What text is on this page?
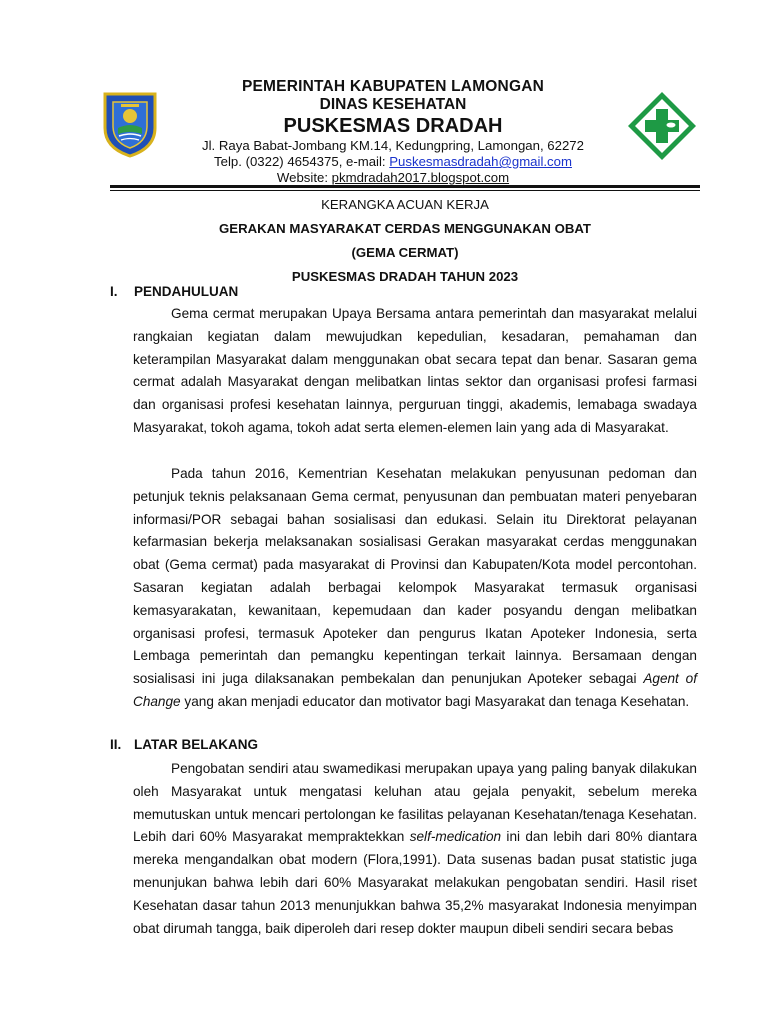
PEMERINTAH KABUPATEN LAMONGAN
DINAS KESEHATAN
PUSKESMAS DRADAH
Jl. Raya Babat-Jombang KM.14, Kedungpring, Lamongan, 62272
Telp. (0322) 4654375, e-mail: Puskesmasdradah@gmail.com
Website: pkmdradah2017.blogspot.com
KERANGKA ACUAN KERJA
GERAKAN MASYARAKAT CERDAS MENGGUNAKAN OBAT
(GEMA CERMAT)
PUSKESMAS DRADAH TAHUN 2023
I. PENDAHULUAN

Gema cermat merupakan Upaya Bersama antara pemerintah dan masyarakat melalui rangkaian kegiatan dalam mewujudkan kepedulian, kesadaran, pemahaman dan keterampilan Masyarakat dalam menggunakan obat secara tepat dan benar. Sasaran gema cermat adalah Masyarakat dengan melibatkan lintas sektor dan organisasi profesi farmasi dan organisasi profesi kesehatan lainnya, perguruan tinggi, akademis, lemabaga swadaya Masyarakat, tokoh agama, tokoh adat serta elemen-elemen lain yang ada di Masyarakat.

Pada tahun 2016, Kementrian Kesehatan melakukan penyusunan pedoman dan petunjuk teknis pelaksanaan Gema cermat, penyusunan dan pembuatan materi penyebaran informasi/POR sebagai bahan sosialisasi dan edukasi. Selain itu Direktorat pelayanan kefarmasian bekerja melaksanakan sosialisasi Gerakan masyarakat cerdas menggunakan obat (Gema cermat) pada masyarakat di Provinsi dan Kabupaten/Kota model percontohan. Sasaran kegiatan adalah berbagai kelompok Masyarakat termasuk organisasi kemasyarakatan, kewanitaan, kepemudaan dan kader posyandu dengan melibatkan organisasi profesi, termasuk Apoteker dan pengurus Ikatan Apoteker Indonesia, serta Lembaga pemerintah dan pemangku kepentingan terkait lainnya. Bersamaan dengan sosialisasi ini juga dilaksanakan pembekalan dan penunjukan Apoteker sebagai Agent of Change yang akan menjadi educator dan motivator bagi Masyarakat dan tenaga Kesehatan.

II. LATAR BELAKANG

Pengobatan sendiri atau swamedikasi merupakan upaya yang paling banyak dilakukan oleh Masyarakat untuk mengatasi keluhan atau gejala penyakit, sebelum mereka memutuskan untuk mencari pertolongan ke fasilitas pelayanan Kesehatan/tenaga Kesehatan. Lebih dari 60% Masyarakat mempraktekkan self-medication ini dan lebih dari 80% diantara mereka mengandalkan obat modern (Flora,1991). Data susenas badan pusat statistic juga menunjukan bahwa lebih dari 60% Masyarakat melakukan pengobatan sendiri. Hasil riset Kesehatan dasar tahun 2013 menunjukkan bahwa 35,2% masyarakat Indonesia menyimpan obat dirumah tangga, baik diperoleh dari resep dokter maupun dibeli sendiri secara bebas
